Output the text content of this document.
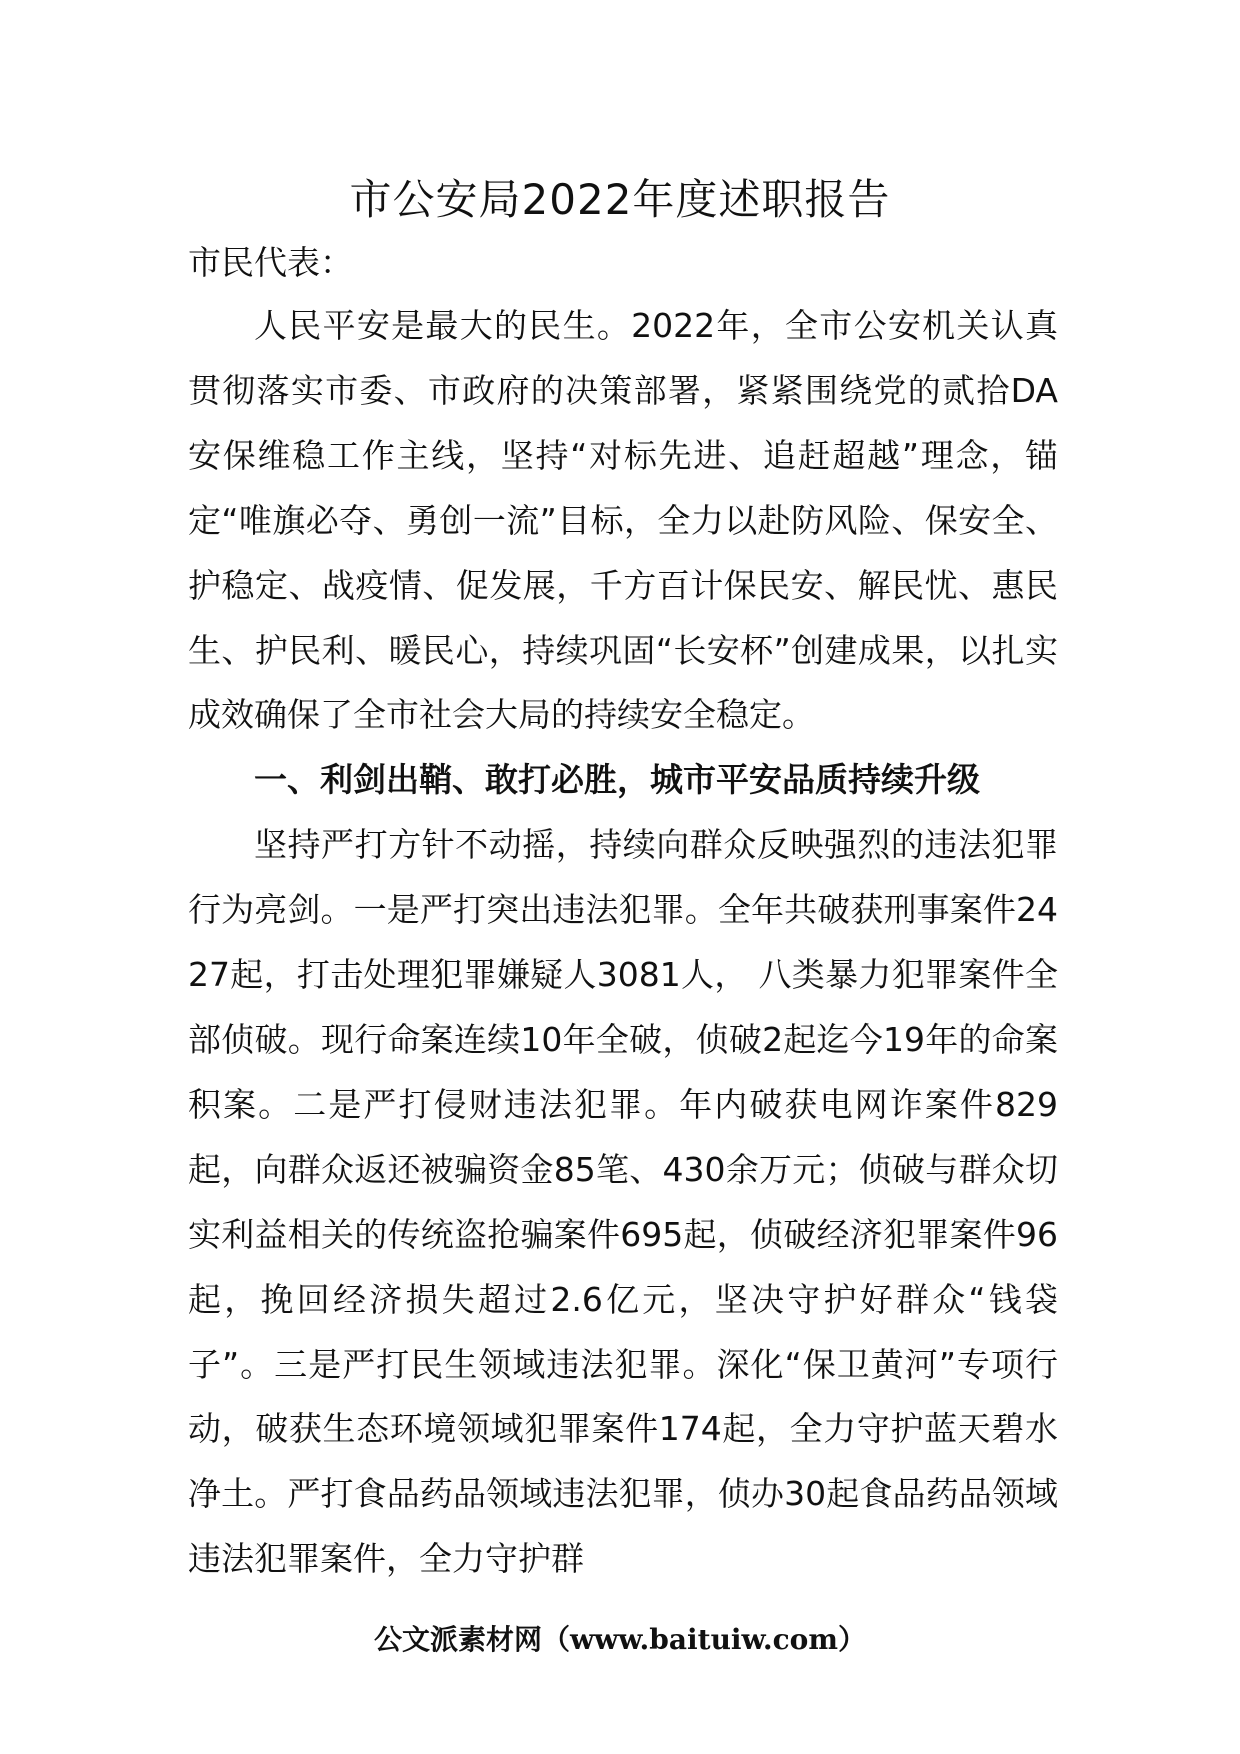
市公安局2022年度述职报告
市民代表：

人民平安是最大的民生。2022年，全市公安机关认真贯彻落实市委、市政府的决策部署，紧紧围绕党的贰拾DA安保维稳工作主线，坚持“对标先进、追赶超越”理念，锚定“唯旗必夺、勇创一流”目标，全力以赴防风险、保安全、护稳定、战疫情、促发展，千方百计保民安、解民忧、惠民生、护民利、暖民心，持续巩固“长安杯”创建成果，以扎实成效确保了全市社会大局的持续安全稳定。

一、利剑出鞘、敢打必胜，城市平安品质持续升级

坚持严打方针不动摇，持续向群众反映强烈的违法犯罪行为亮剑。一是严打突出违法犯罪。全年共破获刑事案件2427起，打击处理犯罪嫌疑人3081人， 八类暴力犯罪案件全部侦破。现行命案连续10年全破，侦破2起迄今19年的命案积案。二是严打侵财违法犯罪。年内破获电网诈案件829起，向群众返还被骗资金85笔、430余万元；侦破与群众切实利益相关的传统盗抢骗案件695起，侦破经济犯罪案件96起，挽回经济损失超过2.6亿元，坚决守护好群众“钱袋子”。三是严打民生领域违法犯罪。深化“保卫黄河”专项行动，破获生态环境领域犯罪案件174起，全力守护蓝天碧水净土。严打食品药品领域违法犯罪，侦办30起食品药品领域违法犯罪案件，全力守护群

公文派素材网（www.baituiw.com）
